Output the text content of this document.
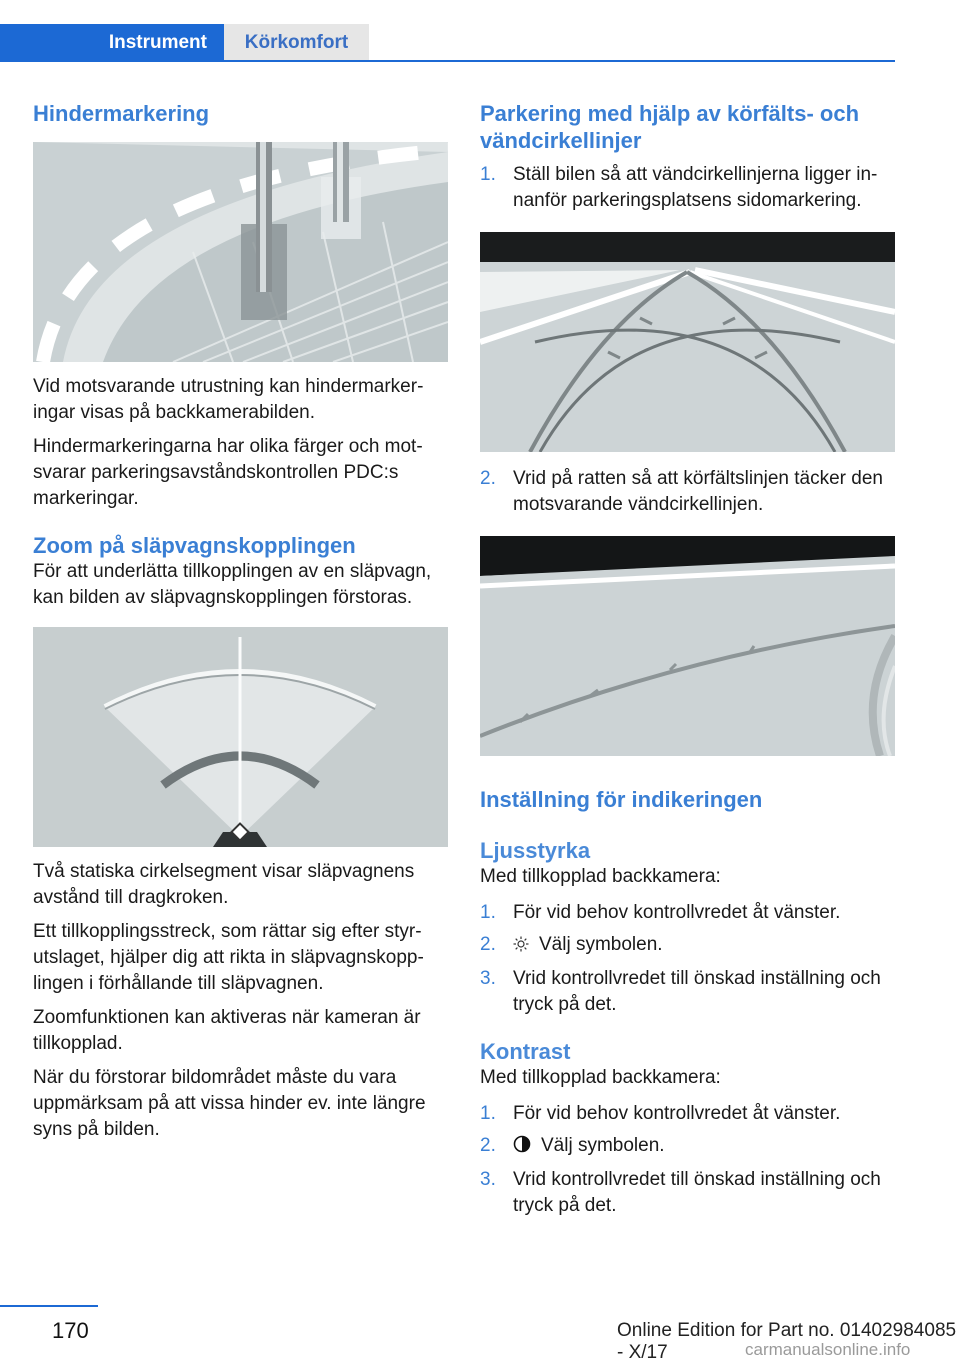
Instrument	Körkomfort
Hindermarkering

Vid motsvarande utrustning kan hindermarkeringar visas på backkamerabilden.

Hindermarkeringarna har olika färger och motsvarar parkeringsavståndskontrollen PDC:s markeringar.

Zoom på släpvagnskopplingen

För att underlätta tillkopplingen av en släpvagn, kan bilden av släpvagnskopplingen förstoras.

Två statiska cirkelsegment visar släpvagnens avstånd till dragkroken.

Ett tillkopplingsstreck, som rättar sig efter styrutslaget, hjälper dig att rikta in släpvagnskopplingen i förhållande till släpvagnen.

Zoomfunktionen kan aktiveras när kameran är tillkopplad.

När du förstorar bildområdet måste du vara uppmärksam på att vissa hinder ev. inte längre syns på bilden.

Parkering med hjälp av körfälts- och vändcirkellinjer
1. Ställ bilen så att vändcirkellinjerna ligger innanför parkeringsplatsens sidomarkering.
2. Vrid på ratten så att körfältslinjen täcker den motsvarande vändcirkellinjen.
Inställning för indikeringen
Ljusstyrka

Med tillkopplad backkamera:

1. För vid behov kontrollvredet åt vänster.
2. Välj symbolen.
3. Vrid kontrollvredet till önskad inställning och tryck på det.
Kontrast

Med tillkopplad backkamera:

1. För vid behov kontrollvredet åt vänster.
2. Välj symbolen.
3. Vrid kontrollvredet till önskad inställning och tryck på det.
170	Online Edition for Part no. 01402984085 - X/17	carmanualsonline.info
